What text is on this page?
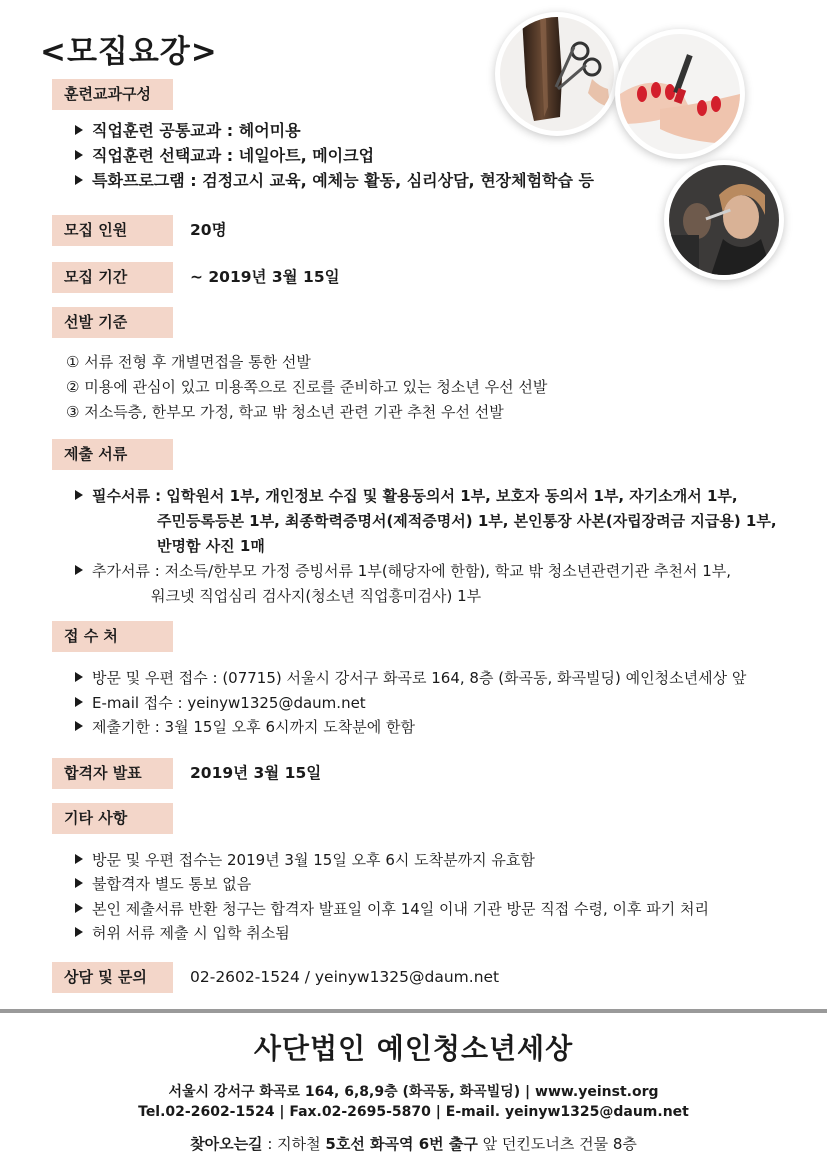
<모집요강>
훈련교과구성
직업훈련 공통교과 : 헤어미용
직업훈련 선택교과 : 네일아트, 메이크업
특화프로그램 : 검정고시 교육, 예체능 활동, 심리상담, 현장체험학습 등
모집 인원	20명
모집 기간	~ 2019년 3월 15일
선발 기준
① 서류 전형 후 개별면접을 통한 선발
② 미용에 관심이 있고 미용쪽으로 진로를 준비하고 있는 청소년 우선 선발
③ 저소득층, 한부모 가정, 학교 밖 청소년 관련 기관 추천 우선 선발
제출 서류
필수서류 : 입학원서 1부, 개인정보 수집 및 활용동의서 1부, 보호자 동의서 1부, 자기소개서 1부,
주민등록등본 1부, 최종학력증명서(제적증명서) 1부, 본인통장 사본(자립장려금 지급용) 1부,
반명함 사진 1매
추가서류 : 저소득/한부모 가정 증빙서류 1부(해당자에 한함), 학교 밖 청소년관련기관 추천서 1부,
워크넷 직업심리 검사지(청소년 직업흥미검사) 1부
접 수 처
방문 및 우편 접수 : (07715) 서울시 강서구 화곡로 164, 8층 (화곡동, 화곡빌딩) 예인청소년세상 앞
E-mail 접수 : yeinyw1325@daum.net
제출기한 : 3월 15일 오후 6시까지 도착분에 한함
합격자 발표	2019년 3월 15일
기타 사항
방문 및 우편 접수는 2019년 3월 15일 오후 6시 도착분까지 유효함
불합격자 별도 통보 없음
본인 제출서류 반환 청구는 합격자 발표일 이후 14일 이내 기관 방문 직접 수령, 이후 파기 처리
허위 서류 제출 시 입학 취소됨
상담 및 문의	02-2602-1524 / yeinyw1325@daum.net
사단법인 예인청소년세상
서울시 강서구 화곡로 164, 6,8,9층 (화곡동, 화곡빌딩) | www.yeinst.org
Tel.02-2602-1524 | Fax.02-2695-5870 | E-mail. yeinyw1325@daum.net
찾아오는길 : 지하철 5호선 화곡역 6번 출구 앞 던킨도너츠 건물 8층
